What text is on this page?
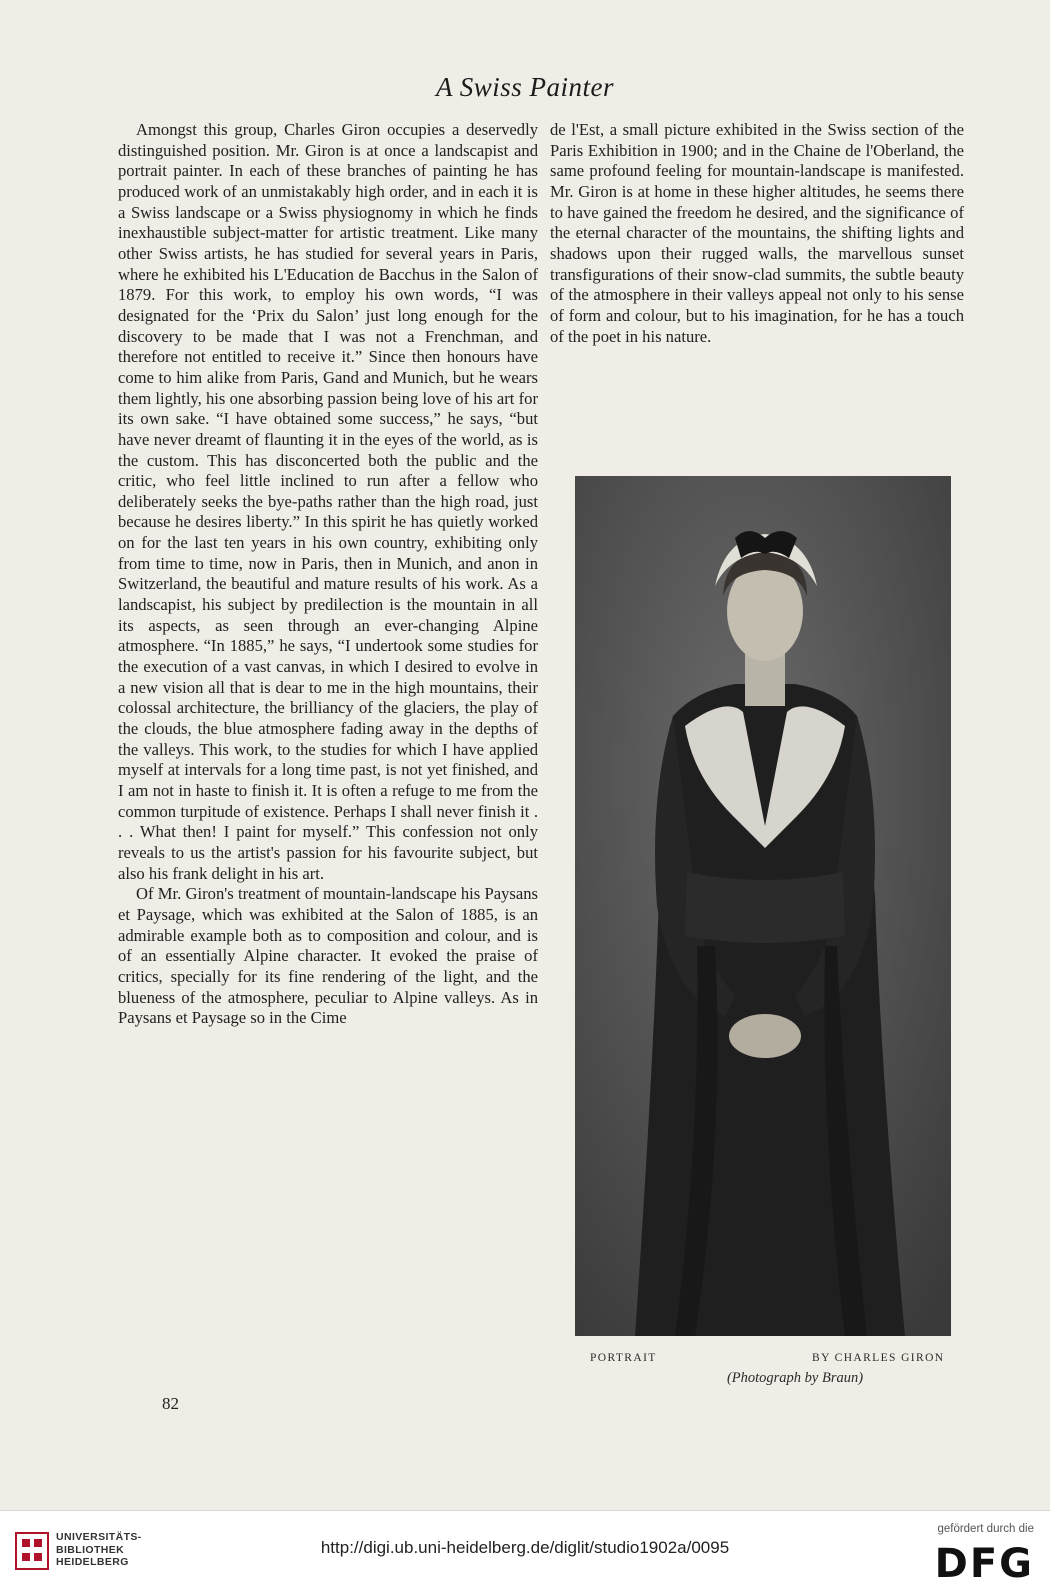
A Swiss Painter

Amongst this group, Charles Giron occupies a deservedly distinguished position. Mr. Giron is at once a landscapist and portrait painter. In each of these branches of painting he has produced work of an unmistakably high order, and in each it is a Swiss landscape or a Swiss physiognomy in which he finds inexhaustible subject-matter for artistic treatment. Like many other Swiss artists, he has studied for several years in Paris, where he exhibited his L'Education de Bacchus in the Salon of 1879. For this work, to employ his own words, “I was designated for the ‘Prix du Salon’ just long enough for the discovery to be made that I was not a Frenchman, and therefore not entitled to receive it.” Since then honours have come to him alike from Paris, Gand and Munich, but he wears them lightly, his one absorbing passion being love of his art for its own sake. “I have obtained some success,” he says, “but have never dreamt of flaunting it in the eyes of the world, as is the custom. This has disconcerted both the public and the critic, who feel little inclined to run after a fellow who deliberately seeks the bye-paths rather than the high road, just because he desires liberty.” In this spirit he has quietly worked on for the last ten years in his own country, exhibiting only from time to time, now in Paris, then in Munich, and anon in Switzerland, the beautiful and mature results of his work. As a landscapist, his subject by predilection is the mountain in all its aspects, as seen through an ever-changing Alpine atmosphere. “In 1885,” he says, “I undertook some studies for the execution of a vast canvas, in which I desired to evolve in a new vision all that is dear to me in the high mountains, their colossal architecture, the brilliancy of the glaciers, the play of the clouds, the blue atmosphere fading away in the depths of the valleys. This work, to the studies for which I have applied myself at intervals for a long time past, is not yet finished, and I am not in haste to finish it. It is often a refuge to me from the common turpitude of existence. Perhaps I shall never finish it . . . What then! I paint for myself.” This confession not only reveals to us the artist's passion for his favourite subject, but also his frank delight in his art.

Of Mr. Giron's treatment of mountain-landscape his Paysans et Paysage, which was exhibited at the Salon of 1885, is an admirable example both as to composition and colour, and is of an essentially Alpine character. It evoked the praise of critics, specially for its fine rendering of the light, and the blueness of the atmosphere, peculiar to Alpine valleys. As in Paysans et Paysage so in the Cime

de l'Est, a small picture exhibited in the Swiss section of the Paris Exhibition in 1900; and in the Chaine de l'Oberland, the same profound feeling for mountain-landscape is manifested. Mr. Giron is at home in these higher altitudes, he seems there to have gained the freedom he desired, and the significance of the eternal character of the mountains, the shifting lights and shadows upon their rugged walls, the marvellous sunset transfigurations of their snow-clad summits, the subtle beauty of the atmosphere in their valleys appeal not only to his sense of form and colour, but to his imagination, for he has a touch of the poet in his nature.

PORTRAIT	BY CHARLES GIRON
(Photograph by Braun)
82
UNIVERSITÄTS-
BIBLIOTHEK
HEIDELBERG
http://digi.ub.uni-heidelberg.de/diglit/studio1902a/0095
gefördert durch die
DFG
